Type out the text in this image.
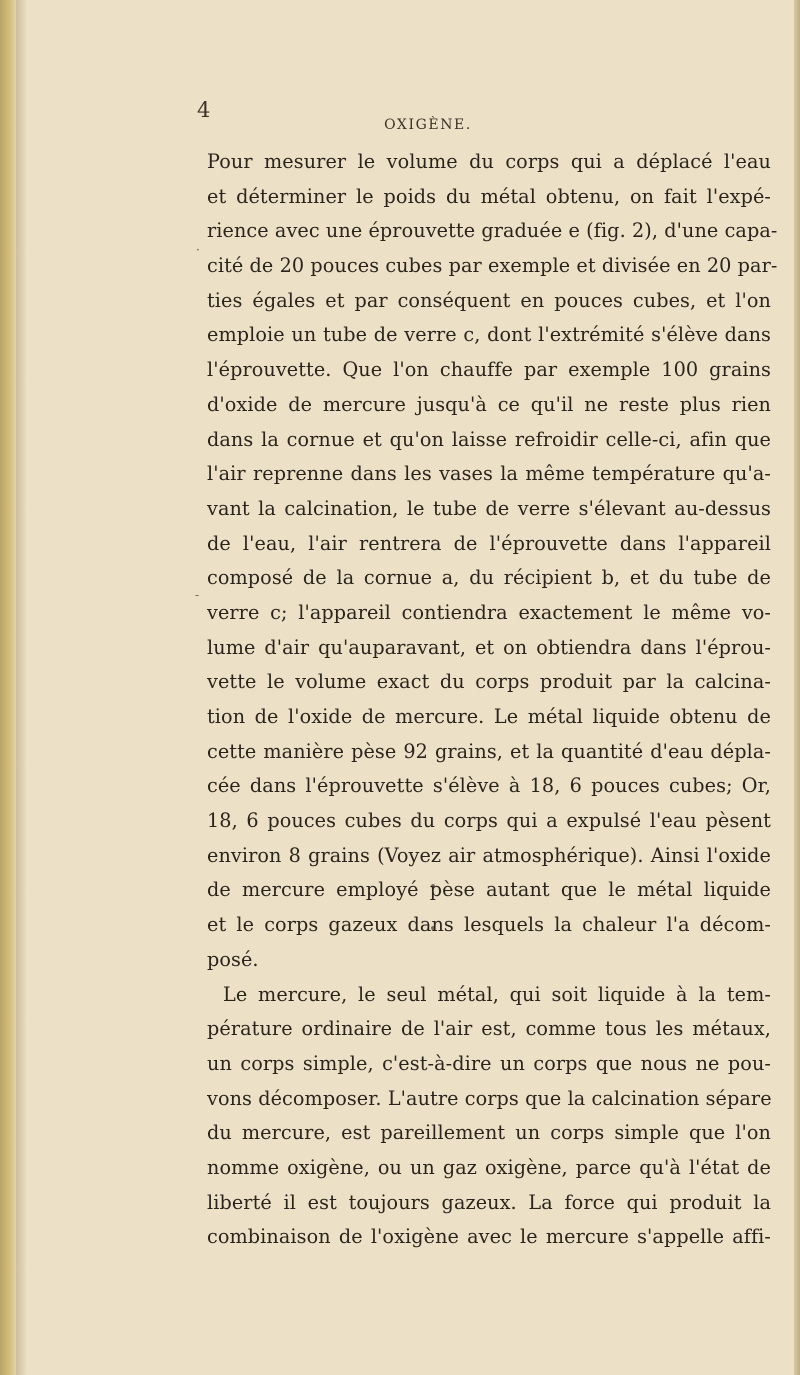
4
OXIGÈNE.
·
-
Pour mesurer le volume du corps qui a déplacé l'eau
et déterminer le poids du métal obtenu, on fait l'expé-
rience avec une éprouvette graduée e (fig. 2), d'une capa-
cité de 20 pouces cubes par exemple et divisée en 20 par-
ties égales et par conséquent en pouces cubes, et l'on
emploie un tube de verre c, dont l'extrémité s'élève dans
l'éprouvette. Que l'on chauffe par exemple 100 grains
d'oxide de mercure jusqu'à ce qu'il ne reste plus rien
dans la cornue et qu'on laisse refroidir celle-ci, afin que
l'air reprenne dans les vases la même température qu'a-
vant la calcination, le tube de verre s'élevant au-dessus
de l'eau, l'air rentrera de l'éprouvette dans l'appareil
composé de la cornue a, du récipient b, et du tube de
verre c; l'appareil contiendra exactement le même vo-
lume d'air qu'auparavant, et on obtiendra dans l'éprou-
vette le volume exact du corps produit par la calcina-
tion de l'oxide de mercure. Le métal liquide obtenu de
cette manière pèse 92 grains, et la quantité d'eau dépla-
cée dans l'éprouvette s'élève à 18, 6 pouces cubes; Or,
18, 6 pouces cubes du corps qui a expulsé l'eau pèsent
environ 8 grains (Voyez air atmosphérique). Ainsi l'oxide
de mercure employé pèse autant que le métal liquide
et le corps gazeux dans lesquels la chaleur l'a décom-
posé.
Le mercure, le seul métal, qui soit liquide à la tem-
pérature ordinaire de l'air est, comme tous les métaux,
un corps simple, c'est-à-dire un corps que nous ne pou-
vons décomposer. L'autre corps que la calcination sépare
du mercure, est pareillement un corps simple que l'on
nomme oxigène, ou un gaz oxigène, parce qu'à l'état de
liberté il est toujours gazeux. La force qui produit la
combinaison de l'oxigène avec le mercure s'appelle affi-
